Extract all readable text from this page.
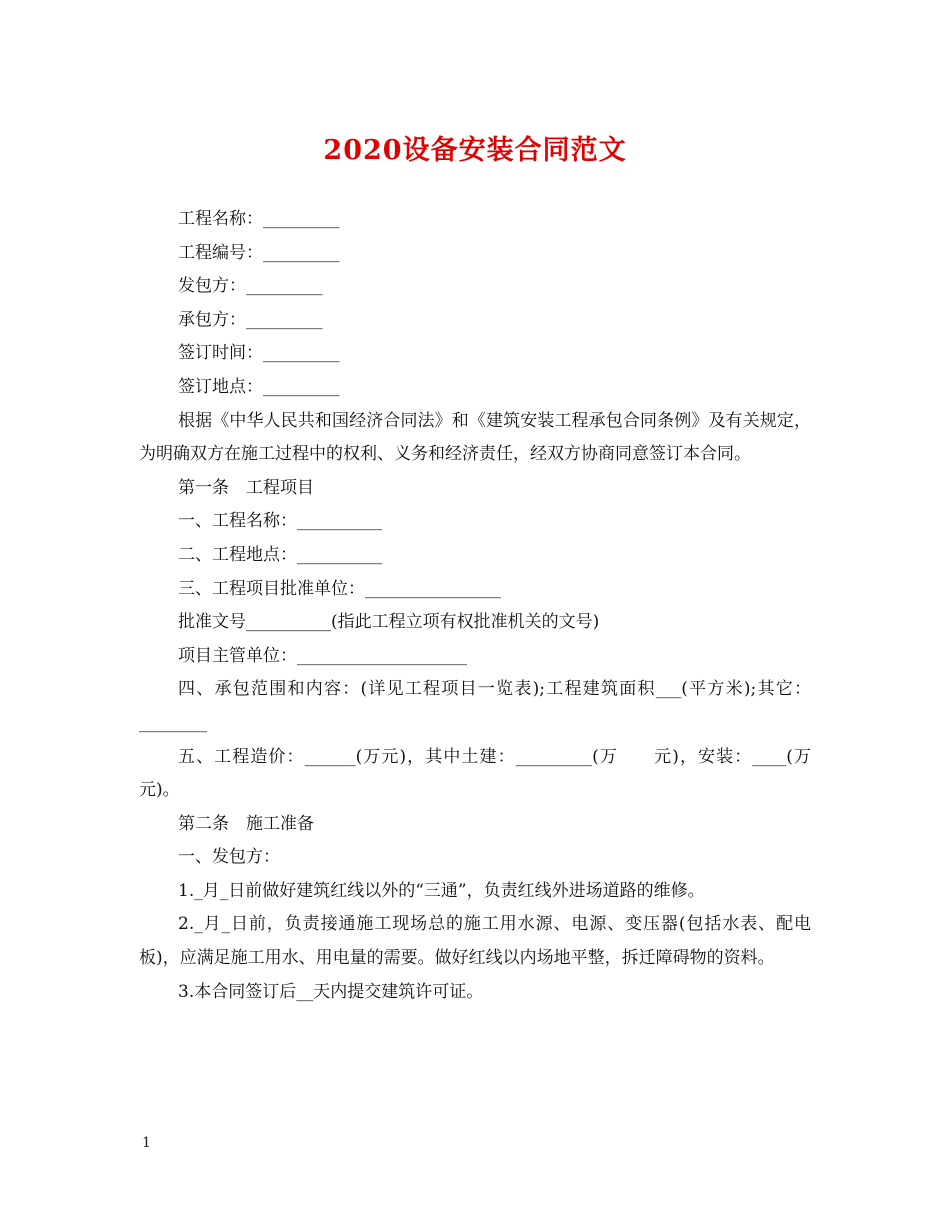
2020设备安装合同范文
工程名称：_________
工程编号：_________
发包方：_________
承包方：_________
签订时间：_________
签订地点：_________
根据《中华人民共和国经济合同法》和《建筑安装工程承包合同条例》及有关规定，为明确双方在施工过程中的权利、义务和经济责任，经双方协商同意签订本合同。
第一条　工程项目
一、工程名称：__________
二、工程地点：__________
三、工程项目批准单位：________________
批准文号__________(指此工程立项有权批准机关的文号)
项目主管单位：____________________
四、承包范围和内容：(详见工程项目一览表);工程建筑面积___(平方米);其它：________
五、工程造价：______(万元)，其中土建：_________(万　　元)，安装：____(万元)。
第二条　施工准备
一、发包方：
1._月_日前做好建筑红线以外的“三通”，负责红线外进场道路的维修。
2._月_日前，负责接通施工现场总的施工用水源、电源、变压器(包括水表、配电板)，应满足施工用水、用电量的需要。做好红线以内场地平整，拆迁障碍物的资料。
3.本合同签订后__天内提交建筑许可证。
1
